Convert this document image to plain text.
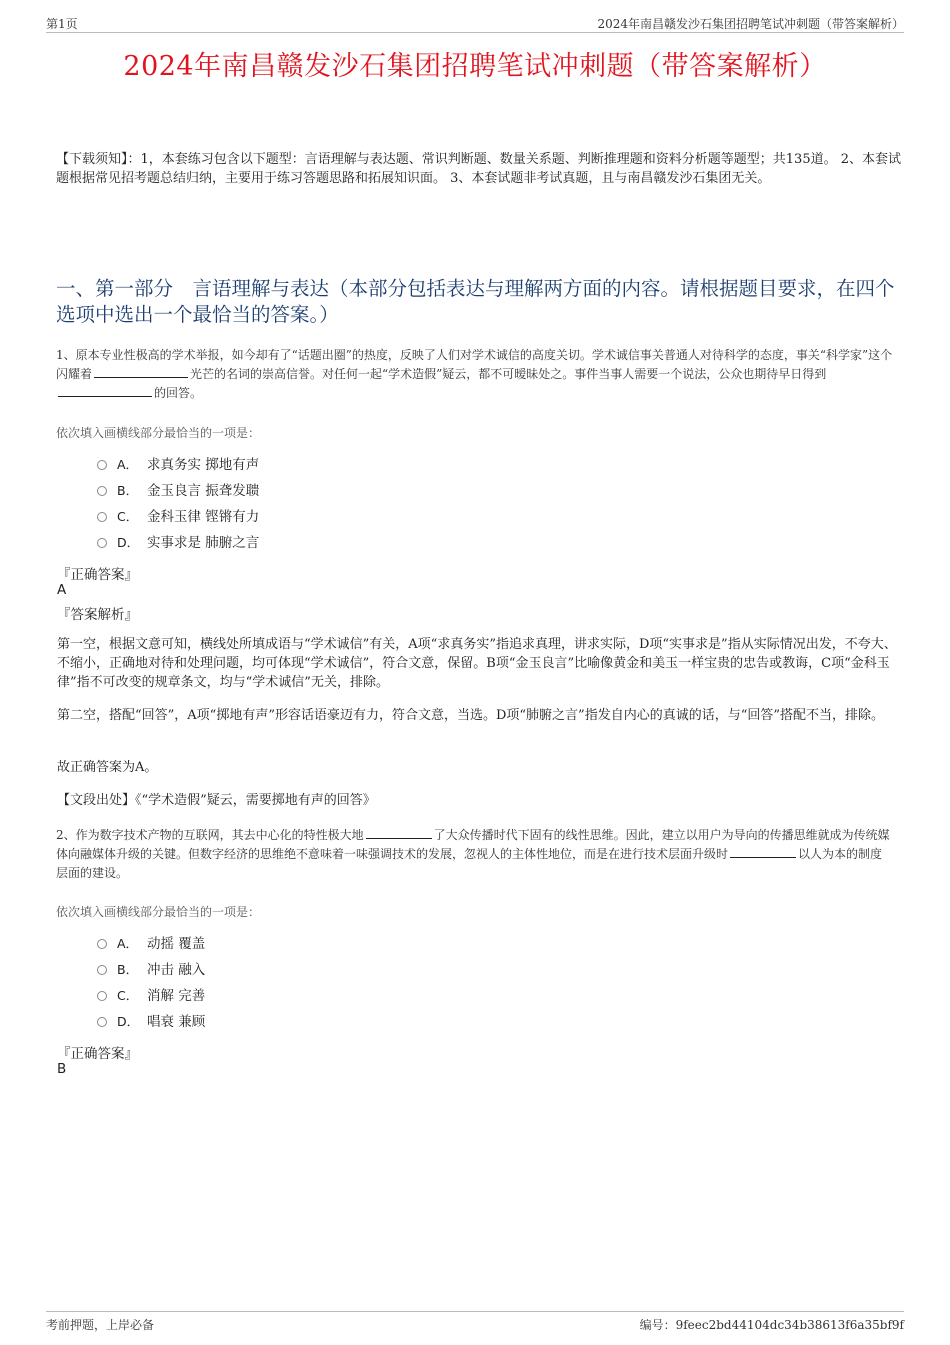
第1页	2024年南昌赣发沙石集团招聘笔试冲刺题（带答案解析）
2024年南昌赣发沙石集团招聘笔试冲刺题（带答案解析）
【下载须知】：1，本套练习包含以下题型：言语理解与表达题、常识判断题、数量关系题、判断推理题和资料分析题等题型；共135道。 2、本套试题根据常见招考题总结归纳，主要用于练习答题思路和拓展知识面。 3、本套试题非考试真题，且与南昌赣发沙石集团无关。
一、第一部分　言语理解与表达（本部分包括表达与理解两方面的内容。请根据题目要求，在四个选项中选出一个最恰当的答案。）
1、原本专业性极高的学术举报，如今却有了“话题出圈”的热度，反映了人们对学术诚信的高度关切。学术诚信事关普通人对待科学的态度，事关“科学家”这个闪耀着	光芒的名词的崇高信誉。对任何一起“学术造假”疑云，都不可暧昧处之。事件当事人需要一个说法，公众也期待早日得到的回答。
依次填入画横线部分最恰当的一项是：
A． 求真务实 掷地有声
B． 金玉良言 振聋发聩
C． 金科玉律 铿锵有力
D． 实事求是 肺腑之言
『正确答案』
A
『答案解析』
第一空，根据文意可知，横线处所填成语与“学术诚信”有关，A项“求真务实”指追求真理，讲求实际，D项“实事求是”指从实际情况出发，不夸大、不缩小，正确地对待和处理问题，均可体现“学术诚信”，符合文意，保留。B项“金玉良言”比喻像黄金和美玉一样宝贵的忠告或教诲，C项“金科玉律”指不可改变的规章条文，均与“学术诚信”无关，排除。
第二空，搭配“回答”，A项“掷地有声”形容话语豪迈有力，符合文意，当选。D项“肺腑之言”指发自内心的真诚的话，与“回答”搭配不当，排除。
故正确答案为A。
【文段出处】《“学术造假”疑云，需要掷地有声的回答》
2、作为数字技术产物的互联网，其去中心化的特性极大地	了大众传播时代下固有的线性思维。因此，建立以用户为导向的传播思维就成为传统媒体向融媒体升级的关键。但数字经济的思维绝不意味着一味强调技术的发展，忽视人的主体性地位，而是在进行技术层面升级时	以人为本的制度层面的建设。
依次填入画横线部分最恰当的一项是：
A． 动摇 覆盖
B． 冲击 融入
C． 消解 完善
D． 唱衰 兼顾
『正确答案』
B
考前押题，上岸必备	编号：9feec2bd44104dc34b38613f6a35bf9f
